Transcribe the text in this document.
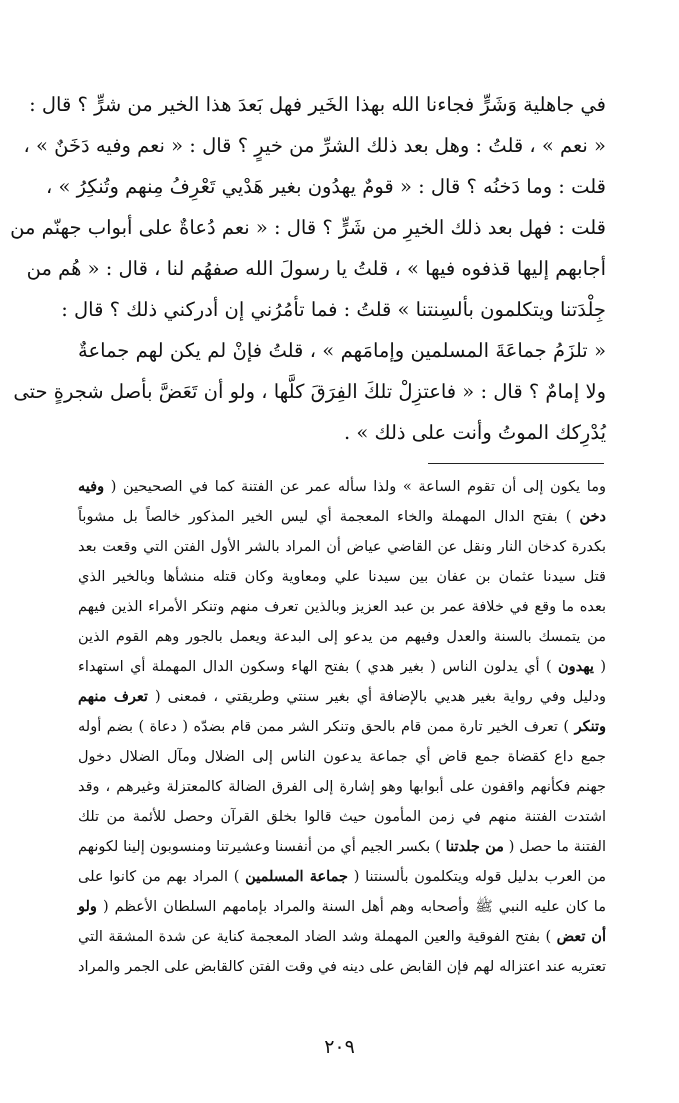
في جاهلية وَشَرٍّ فجاءنا الله بهذا الخَير فهل بَعدَ هذا الخير من شرٍّ ؟ قال :
« نعم » ، قلتُ : وهل بعد ذلك الشرِّ من خيرٍ ؟ قال : « نعم وفيه دَخَنٌ » ،
قلت : وما دَخنُه ؟ قال : « قومٌ يهدُون بغير هَدْيي تَعْرِفُ مِنهم وتُنكِرُ » ،
قلت : فهل بعد ذلك الخيرِ من شَرٍّ ؟ قال : « نعم دُعاةٌ على أبواب جهنّم من
أجابهم إليها قذفوه فيها » ، قلتُ يا رسولَ الله صفهُم لنا ، قال : « هُم من
جِلْدَتنا ويتكلمون بألسِنتنا » قلتُ : فما تأمُرُني إن أدركني ذلك ؟ قال :
« تلزَمُ جماعَةَ المسلمين وإمامَهم » ، قلتُ فإنْ لم يكن لهم جماعةٌ
ولا إمامٌ ؟ قال : « فاعتزِلْ تلكَ الفِرَقَ كلَّها ، ولو أن تَعَضَّ بأصل شجرةٍ حتى
يُدْرِكك الموتُ وأنت على ذلك » .
وما يكون إلى أن تقوم الساعة » ولذا سأله عمر عن الفتنة كما في الصحيحين ( وفيه
دخن ) بفتح الدال المهملة والخاء المعجمة أي ليس الخير المذكور خالصاً بل مشوباً
بكدرة كدخان النار ونقل عن القاضي عياض أن المراد بالشر الأول الفتن التي وقعت بعد
قتل سيدنا عثمان بن عفان بين سيدنا علي ومعاوية وكان قتله منشأها وبالخير الذي
بعده ما وقع في خلافة عمر بن عبد العزيز وبالذين تعرف منهم وتنكر الأمراء الذين فيهم
من يتمسك بالسنة والعدل وفيهم من يدعو إلى البدعة ويعمل بالجور وهم القوم الذين
( يهدون ) أي يدلون الناس ( بغير هدي ) بفتح الهاء وسكون الدال المهملة أي استهداء
ودليل وفي رواية بغير هديي بالإضافة أي بغير سنتي وطريقتي ، فمعنى ( تعرف منهم
وتنكر ) تعرف الخير تارة ممن قام بالحق وتنكر الشر ممن قام بضدّه ( دعاة ) بضم أوله
جمع داع كقضاة جمع قاض أي جماعة يدعون الناس إلى الضلال ومآل الضلال دخول
جهنم فكأنهم واقفون على أبوابها وهو إشارة إلى الفرق الضالة كالمعتزلة وغيرهم ، وقد
اشتدت الفتنة منهم في زمن المأمون حيث قالوا بخلق القرآن وحصل للأئمة من تلك
الفتنة ما حصل ( من جلدتنا ) بكسر الجيم أي من أنفسنا وعشيرتنا ومنسوبون إلينا لكونهم
من العرب بدليل قوله ويتكلمون بألسنتنا ( جماعة المسلمين ) المراد بهم من كانوا على
ما كان عليه النبي ﷺ وأصحابه وهم أهل السنة والمراد بإمامهم السلطان الأعظم ( ولو
أن تعض ) بفتح الفوقية والعين المهملة وشد الضاد المعجمة كناية عن شدة المشقة التي
تعتريه عند اعتزاله لهم فإن القابض على دينه في وقت الفتن كالقابض على الجمر والمراد
٢٠٩
